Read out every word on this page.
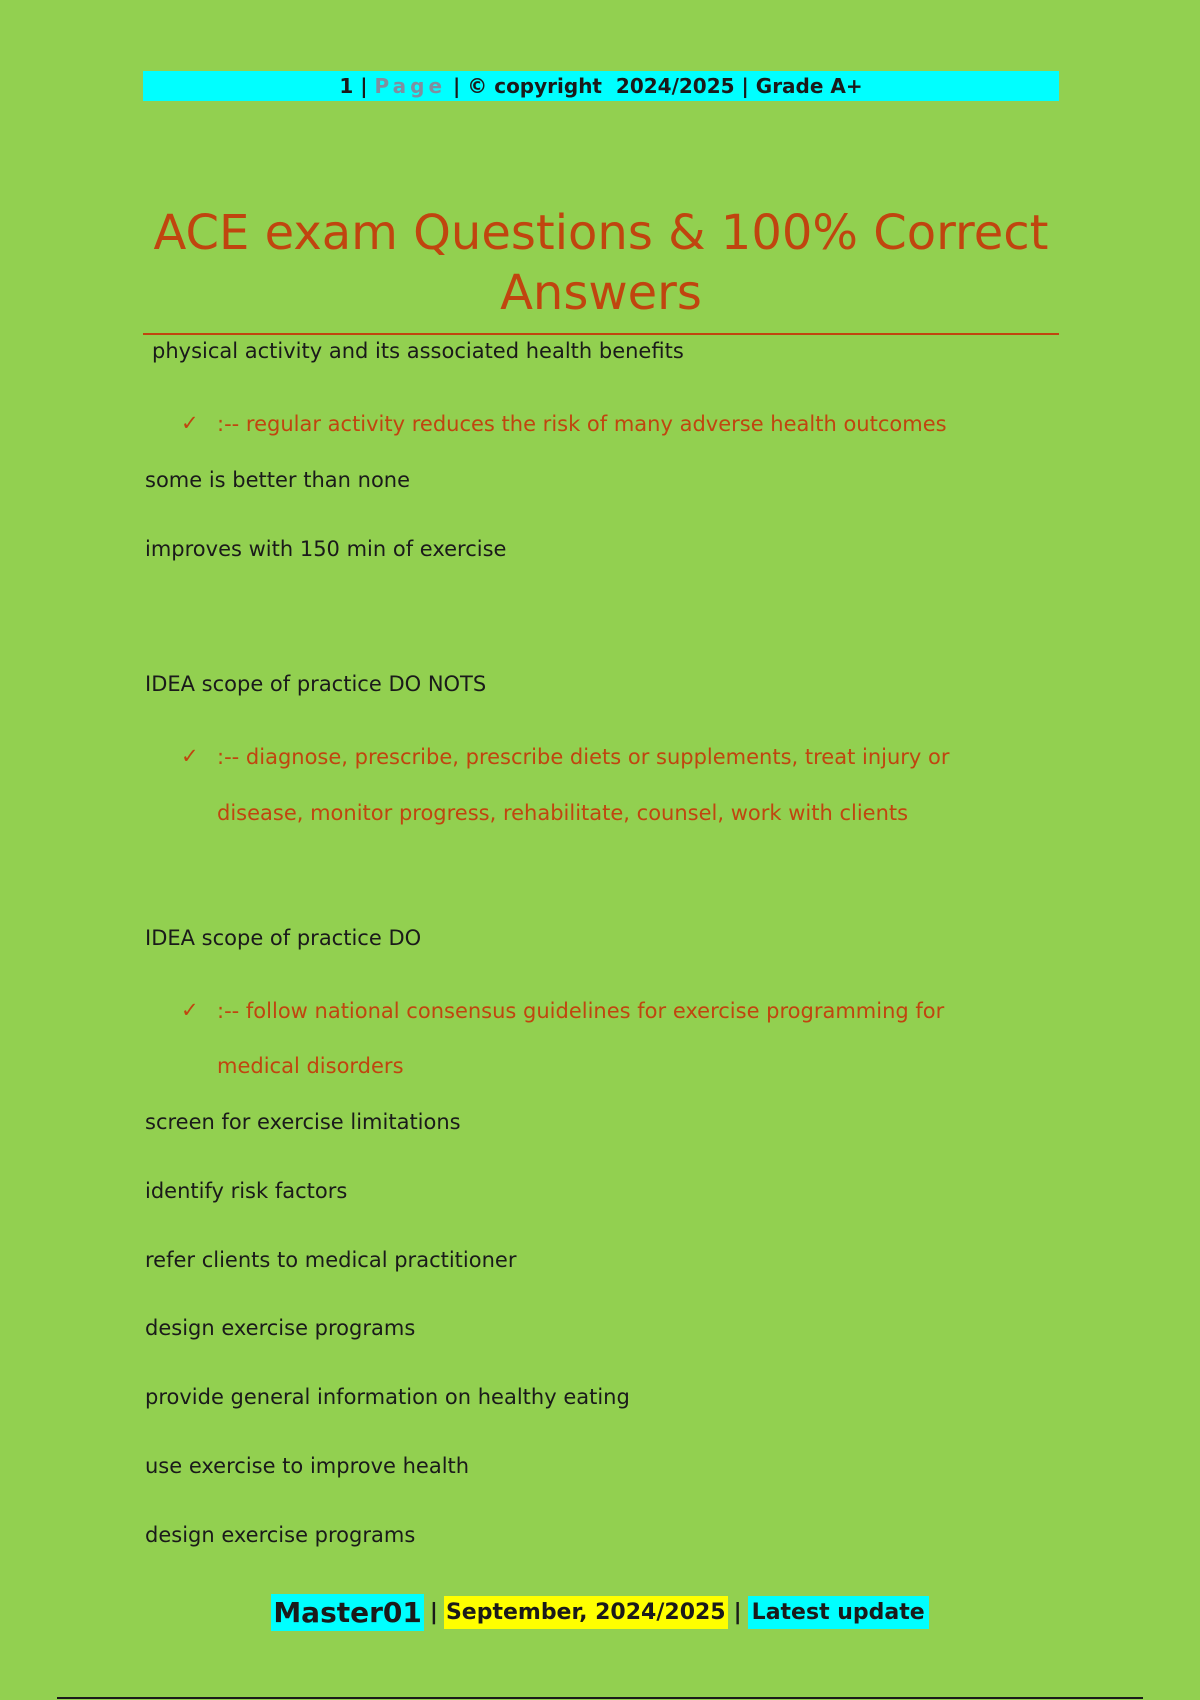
1 | Page | © copyright  2024/2025 | Grade A+
ACE exam Questions & 100% Correct
Answers
physical activity and its associated health benefits
✓ :-- regular activity reduces the risk of many adverse health outcomes
some is better than none
improves with 150 min of exercise
IDEA scope of practice DO NOTS
✓ :-- diagnose, prescribe, prescribe diets or supplements, treat injury or
disease, monitor progress, rehabilitate, counsel, work with clients
IDEA scope of practice DO
✓ :-- follow national consensus guidelines for exercise programming for
medical disorders
screen for exercise limitations
identify risk factors
refer clients to medical practitioner
design exercise programs
provide general information on healthy eating
use exercise to improve health
design exercise programs
Master01 | September, 2024/2025 | Latest update
